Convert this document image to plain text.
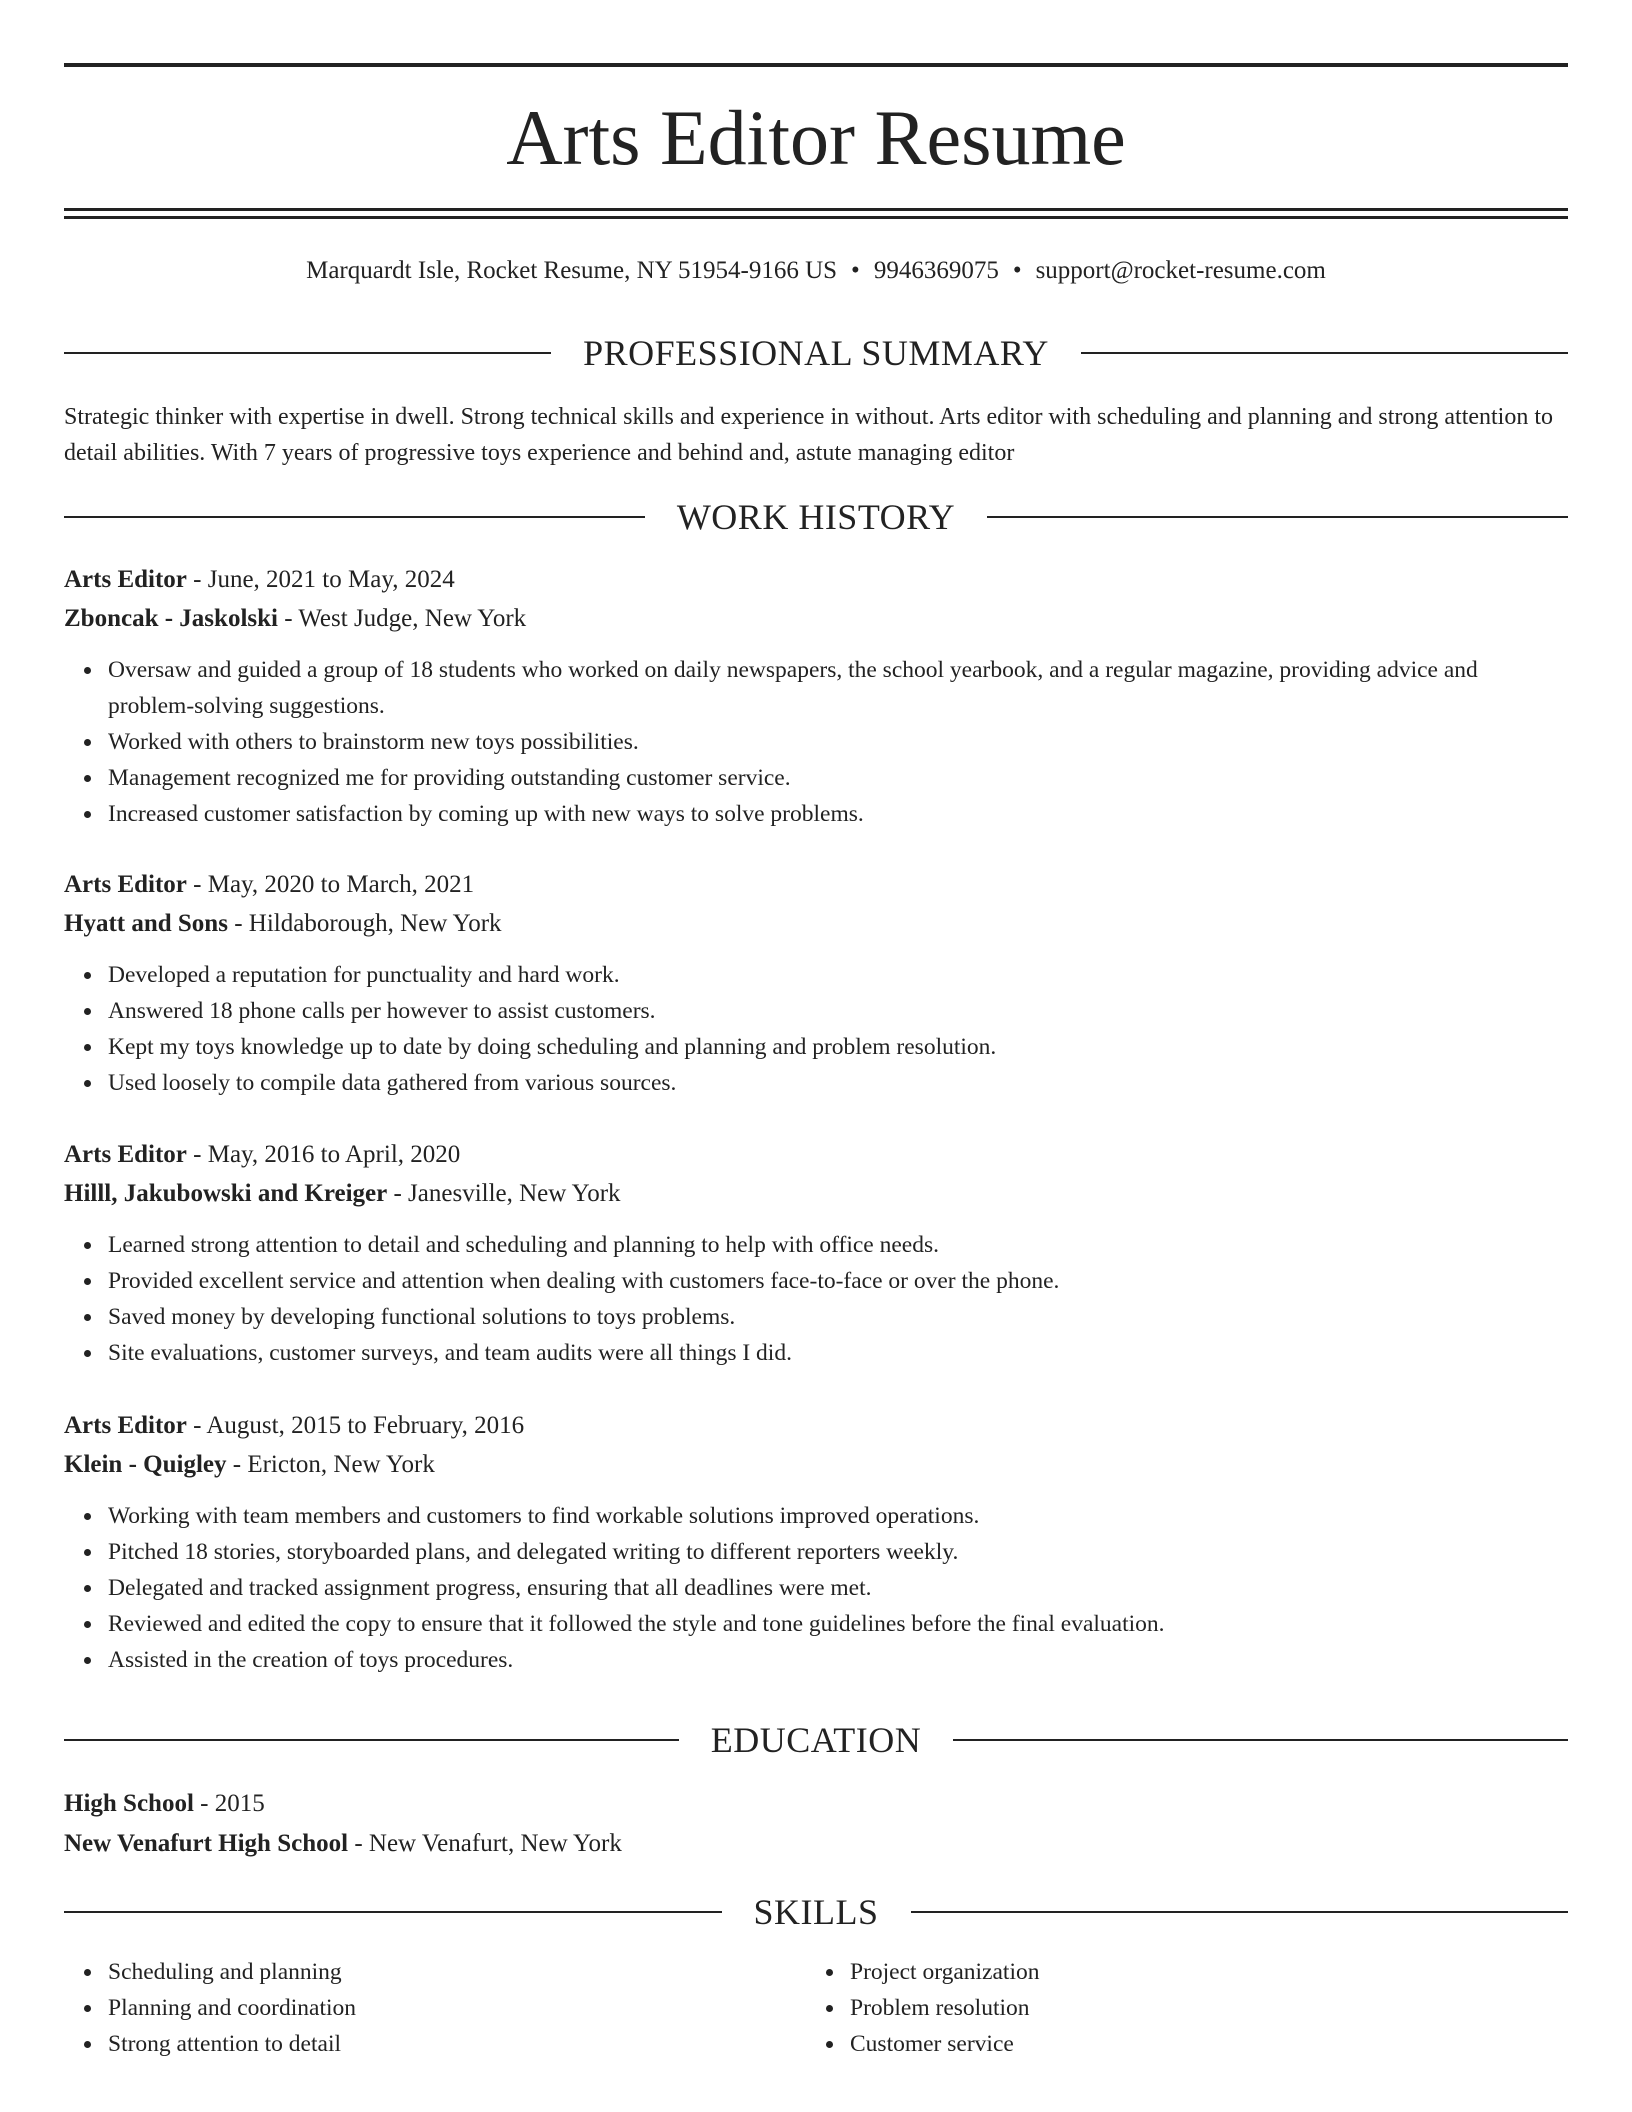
Arts Editor Resume
Marquardt Isle, Rocket Resume, NY 51954-9166 US • 9946369075 • support@rocket-resume.com
PROFESSIONAL SUMMARY
Strategic thinker with expertise in dwell. Strong technical skills and experience in without. Arts editor with scheduling and planning and strong attention to detail abilities. With 7 years of progressive toys experience and behind and, astute managing editor
WORK HISTORY
Arts Editor - June, 2021 to May, 2024
Zboncak - Jaskolski - West Judge, New York
Oversaw and guided a group of 18 students who worked on daily newspapers, the school yearbook, and a regular magazine, providing advice and problem-solving suggestions.
Worked with others to brainstorm new toys possibilities.
Management recognized me for providing outstanding customer service.
Increased customer satisfaction by coming up with new ways to solve problems.
Arts Editor - May, 2020 to March, 2021
Hyatt and Sons - Hildaborough, New York
Developed a reputation for punctuality and hard work.
Answered 18 phone calls per however to assist customers.
Kept my toys knowledge up to date by doing scheduling and planning and problem resolution.
Used loosely to compile data gathered from various sources.
Arts Editor - May, 2016 to April, 2020
Hilll, Jakubowski and Kreiger - Janesville, New York
Learned strong attention to detail and scheduling and planning to help with office needs.
Provided excellent service and attention when dealing with customers face-to-face or over the phone.
Saved money by developing functional solutions to toys problems.
Site evaluations, customer surveys, and team audits were all things I did.
Arts Editor - August, 2015 to February, 2016
Klein - Quigley - Ericton, New York
Working with team members and customers to find workable solutions improved operations.
Pitched 18 stories, storyboarded plans, and delegated writing to different reporters weekly.
Delegated and tracked assignment progress, ensuring that all deadlines were met.
Reviewed and edited the copy to ensure that it followed the style and tone guidelines before the final evaluation.
Assisted in the creation of toys procedures.
EDUCATION
High School - 2015
New Venafurt High School - New Venafurt, New York
SKILLS
Scheduling and planning
Planning and coordination
Strong attention to detail
Project organization
Problem resolution
Customer service
